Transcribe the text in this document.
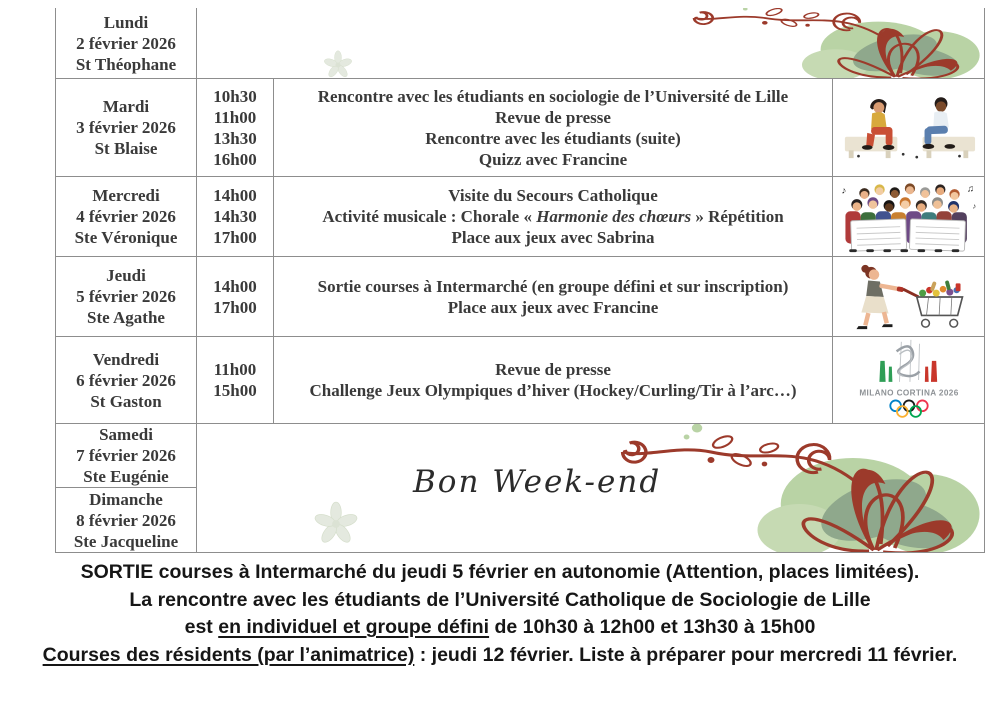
Lundi
2 février 2026
St Théophane
Mardi
3 février 2026
St Blaise
10h30
11h00
13h30
16h00
Rencontre avec les étudiants en sociologie de l’Université de Lille
Revue de presse
Rencontre avec les étudiants (suite)
Quizz avec Francine
Mercredi
4 février 2026
Ste Véronique
14h00
14h30
17h00
Visite du Secours Catholique
Activité musicale : Chorale « Harmonie des chœurs » Répétition
Place aux jeux avec Sabrina
♪	♫
♪
Jeudi
5 février 2026
Ste Agathe
14h00
17h00
Sortie courses à Intermarché (en groupe défini et sur inscription)
Place aux jeux avec Francine
Vendredi
6 février 2026
St Gaston
11h00
15h00
Revue de presse
Challenge Jeux Olympiques d’hiver (Hockey/Curling/Tir à l’arc…)	MILANO CORTINA 2026
Samedi
7 février 2026
Ste Eugénie
Dimanche
8 février 2026
Ste Jacqueline
Bon Week-end
SORTIE courses à Intermarché du jeudi 5 février en autonomie (Attention, places limitées).
La rencontre avec les étudiants de l’Université Catholique de Sociologie de Lille
est en individuel et groupe défini de 10h30 à 12h00 et 13h30 à 15h00
Courses des résidents (par l’animatrice) : jeudi 12 février. Liste à préparer pour mercredi 11 février.
